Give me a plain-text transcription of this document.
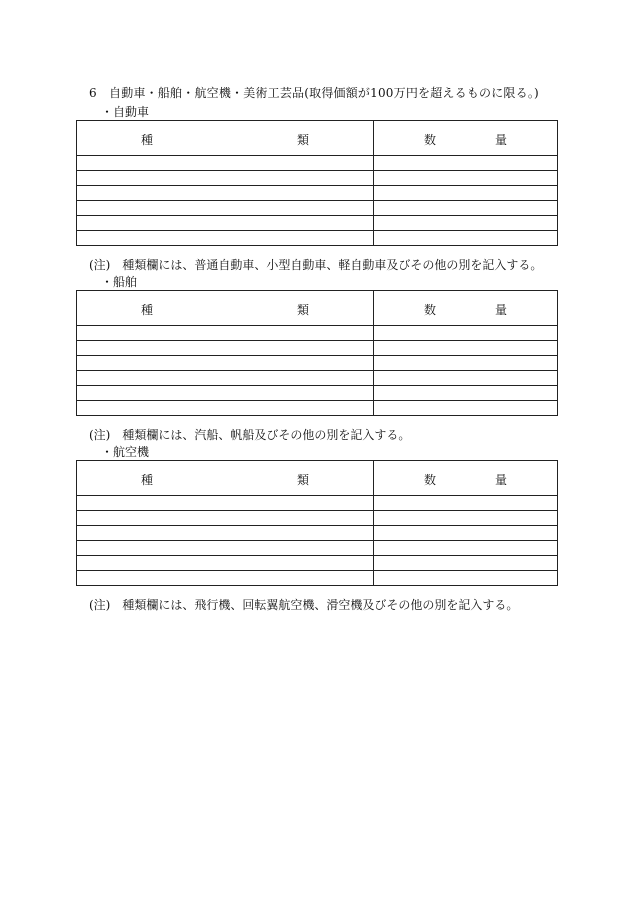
6　 自動車・船舶・航空機・美術工芸品(取得価額が100万円を超えるものに限る。)
・自動車
種 類	数 量

(注)　 種類欄には、普通自動車、小型自動車、軽自動車及びその他の別を記入する。
・船舶
種 類	数 量

(注)　 種類欄には、汽船、帆船及びその他の別を記入する。
・航空機
種 類	数 量

(注)　 種類欄には、飛行機、回転翼航空機、滑空機及びその他の別を記入する。
